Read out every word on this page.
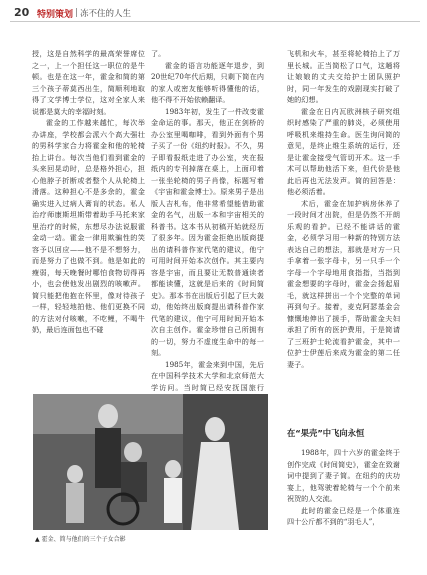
20 特别策划 冻不住的人生

授，这是自然科学的最高荣誉席位之一，上一个担任这一职位的是牛顿。也是在这一年，霍金和简的第三个孩子蒂莫西出生，简顺利地取得了文学博士学位，这对全家人来说都是莫大的幸福时刻。

霍金的工作越来越忙，每次举办讲座，学校都会派六个高大强壮的男科学家合力将霍金和他的轮椅抬上讲台。每次当他们看到霍金的头来回晃动时，总是格外担心，担心他脖子折断或者整个人从轮椅上滑落。这种担心不是多余的，霍金确实进入过病人膏肓的状态。私人治疗师康斯坦斯带着助手马托来家里治疗的时候，东想尽办法说服霍金动一动。霍金一律用欺骗性的笑容予以回应——他不是不想努力，而是努力了也做不到。他是如此的瘦弱，每天晚餐时哪怕食物切得再小，也会使他发出剧烈的咳嗽声。简只能把他抱在怀里，像对待孩子一样，轻轻地拍他、他们更换不同的方法对付咳嗽，不吃鲤，不喝牛奶，最后连面包也不碰

了。

霍金的语言功能逐年退步，到20世纪70年代后期，只剩下简在内的家人或密友能够听得懂他的话，他不得不开始依赖翻译。

1983年初，发生了一件改变霍金命运的事。那天，他正在剑桥的办公室里喝咖啡，看到外面有个男子买了一份《纽约时报》。不久，男子即看报纸走进了办公室，夹在报纸内的专刊掉落在桌上，上面印着一张坐轮椅的男子肖像，标题写着《宇宙和霍金博士》。原来男子是出版人吉札布，他非常希望能借助霍金的名气，出版一本和宇宙相关的科普书。这本书从初稿开始就经历了很多年。因为霍金拒绝出版商提出的请科普作家代笔的建议，他宁可用时间开始本次创作。其主要内容是宇宙，而且要让无数普通读者都能读懂，这就是后来的《时间简史》。那本书在出版后引起了巨大轰动，他始终出版商提出请科普作家代笔的建议，他宁可用时间开始本次自主创作。霍金珍惜自己所拥有的一切，努力不虚度生命中的每一刻。

1985年，霍金来到中国，先后在中国科学技术大学和北京师范大学访问。当时简已经安抚国旅行

飞机和火车，甚至将轮椅抬上了万里长城。正当简松了口气，这趟将让娘娘的丈夫交给护士团队照护时，同一年发生的戏剧现实打破了她的幻想。

霍金在日内瓦欧洲核子研究组织时感染了严重的肺炎，必须使用呼吸机来维持生命。医生询问简的意见，是终止维生系统的运行，还是让霍金接受气管切开术。这一手术可以帮助他活下来，但代价是他此后再也无法发声。简的回答是：他必须活着。

术后，霍金在加护病房休养了一段时间才出院，但是仍然不开朗乐观的看护。已经不能讲话的霍金，必须学习用一种新的特别方法表达自己的想法，那就是对方一只手拿着一张字母卡，另一只手一个字母一个字母地用食指指，当指到霍金想要的字母时，霍金会扬起眉毛，就这样拼出一个个完整的单词再到句子。接着，麦克阿瑟基金会慷慨地伸出了援手，帮助霍金夫妇承担了所有的医护费用，于是简请了三班护士轮流看护霍金，其中一位护士伊莲后来成为霍金的第二任妻子。

在“果壳”中飞向永恒

1988年，四十六岁的霍金终于创作完成《时间简史》，霍金在致谢词中提到了妻子简。在纽约的庆功宴上，他驾驶着轮椅与一个个前来祝贺的人交流。

此时的霍金已经是一个体重连四十公斤都不到的“羽毛人”，

▲ 霍金、简与他们的三个子女合影
